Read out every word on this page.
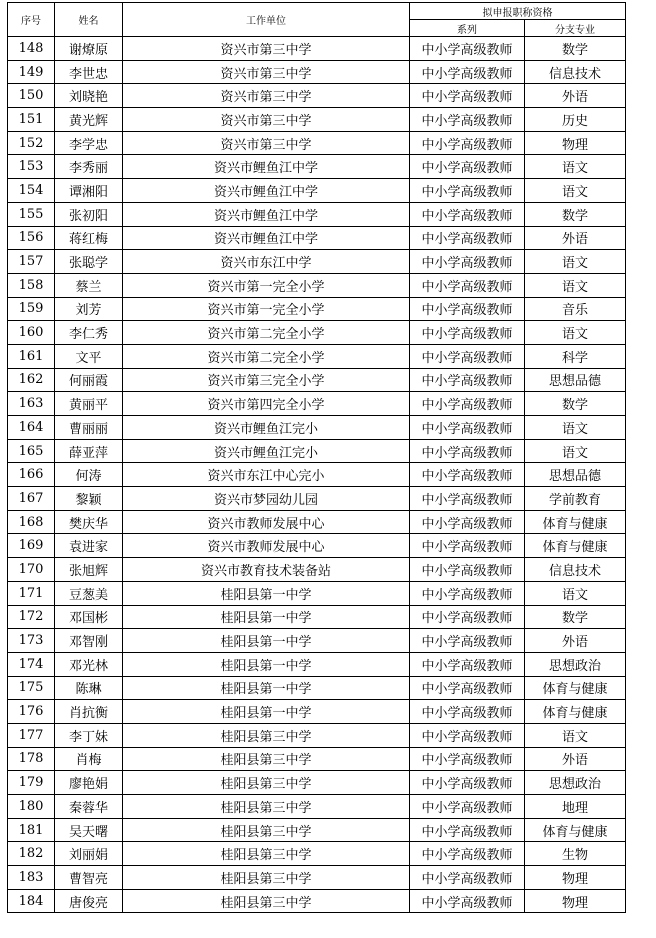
序号	姓名	工作单位	拟申报职称资格	
			系列	分支专业
148	谢燎原	资兴市第三中学	中小学高级教师	数学
149	李世忠	资兴市第三中学	中小学高级教师	信息技术
150	刘晓艳	资兴市第三中学	中小学高级教师	外语
151	黄光辉	资兴市第三中学	中小学高级教师	历史
152	李学忠	资兴市第三中学	中小学高级教师	物理
153	李秀丽	资兴市鲤鱼江中学	中小学高级教师	语文
154	谭湘阳	资兴市鲤鱼江中学	中小学高级教师	语文
155	张初阳	资兴市鲤鱼江中学	中小学高级教师	数学
156	蒋红梅	资兴市鲤鱼江中学	中小学高级教师	外语
157	张聪学	资兴市东江中学	中小学高级教师	语文
158	蔡兰	资兴市第一完全小学	中小学高级教师	语文
159	刘芳	资兴市第一完全小学	中小学高级教师	音乐
160	李仁秀	资兴市第二完全小学	中小学高级教师	语文
161	文平	资兴市第二完全小学	中小学高级教师	科学
162	何丽霞	资兴市第三完全小学	中小学高级教师	思想品德
163	黄丽平	资兴市第四完全小学	中小学高级教师	数学
164	曹丽丽	资兴市鲤鱼江完小	中小学高级教师	语文
165	薛亚萍	资兴市鲤鱼江完小	中小学高级教师	语文
166	何涛	资兴市东江中心完小	中小学高级教师	思想品德
167	黎颖	资兴市梦园幼儿园	中小学高级教师	学前教育
168	樊庆华	资兴市教师发展中心	中小学高级教师	体育与健康
169	袁进家	资兴市教师发展中心	中小学高级教师	体育与健康
170	张旭辉	资兴市教育技术装备站	中小学高级教师	信息技术
171	豆葱美	桂阳县第一中学	中小学高级教师	语文
172	邓国彬	桂阳县第一中学	中小学高级教师	数学
173	邓智刚	桂阳县第一中学	中小学高级教师	外语
174	邓光林	桂阳县第一中学	中小学高级教师	思想政治
175	陈琳	桂阳县第一中学	中小学高级教师	体育与健康
176	肖抗衡	桂阳县第一中学	中小学高级教师	体育与健康
177	李丁妹	桂阳县第三中学	中小学高级教师	语文
178	肖梅	桂阳县第三中学	中小学高级教师	外语
179	廖艳娟	桂阳县第三中学	中小学高级教师	思想政治
180	秦蓉华	桂阳县第三中学	中小学高级教师	地理
181	吴天曙	桂阳县第三中学	中小学高级教师	体育与健康
182	刘丽娟	桂阳县第三中学	中小学高级教师	生物
183	曹智亮	桂阳县第三中学	中小学高级教师	物理
184	唐俊亮	桂阳县第三中学	中小学高级教师	物理
